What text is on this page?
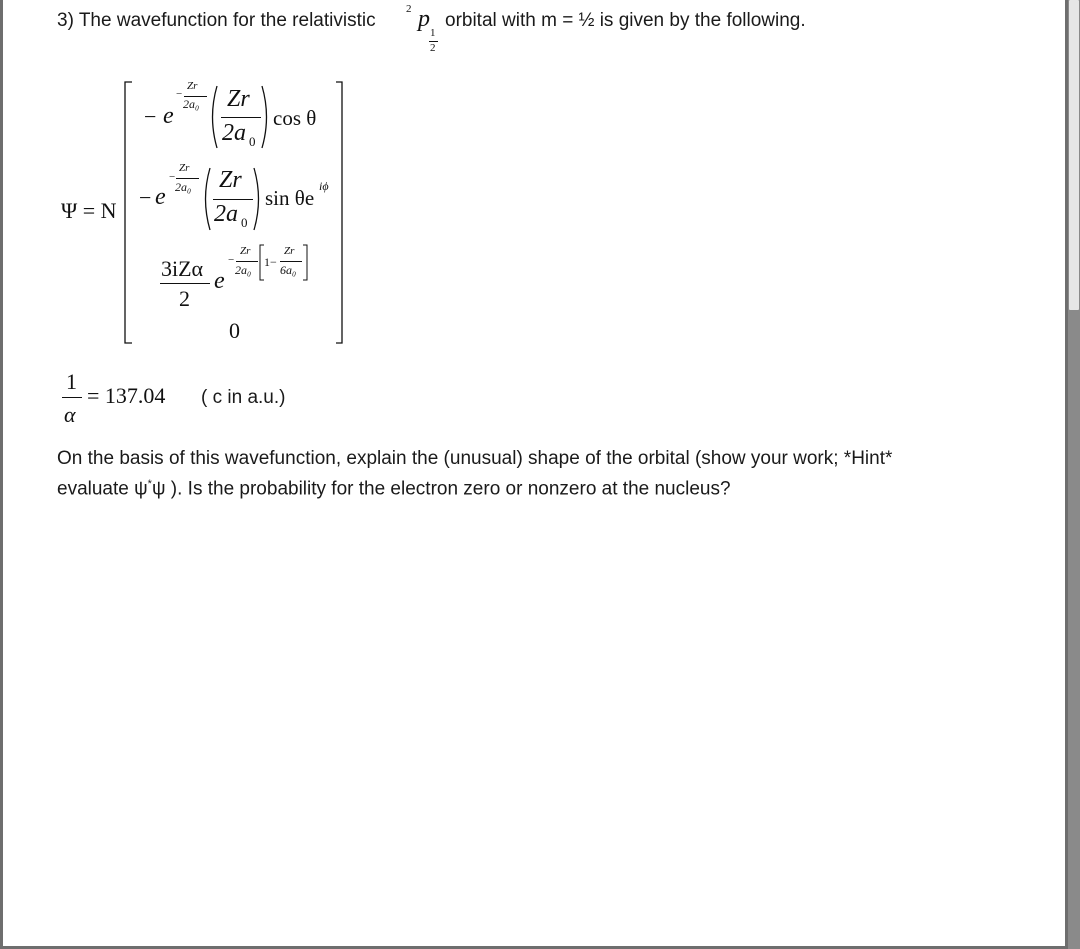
3) The wavefunction for the relativistic
2 p
1
2
orbital with m = ½ is given by the following.
Ψ = N
− e
−
Zr
2a₀ Zr
2a 0
cos θ
− e
−
Zr
2a₀ Zr
2a 0
sin θe iϕ
3iZα
2
e
−
Zr
2a₀
1−
Zr
6a₀
0
1
α
= 137.04 ( c in a.u.)
On the basis of this wavefunction, explain the (unusual) shape of the orbital (show your work; *Hint*
evaluate ψ*ψ ). Is the probability for the electron zero or nonzero at the nucleus?
